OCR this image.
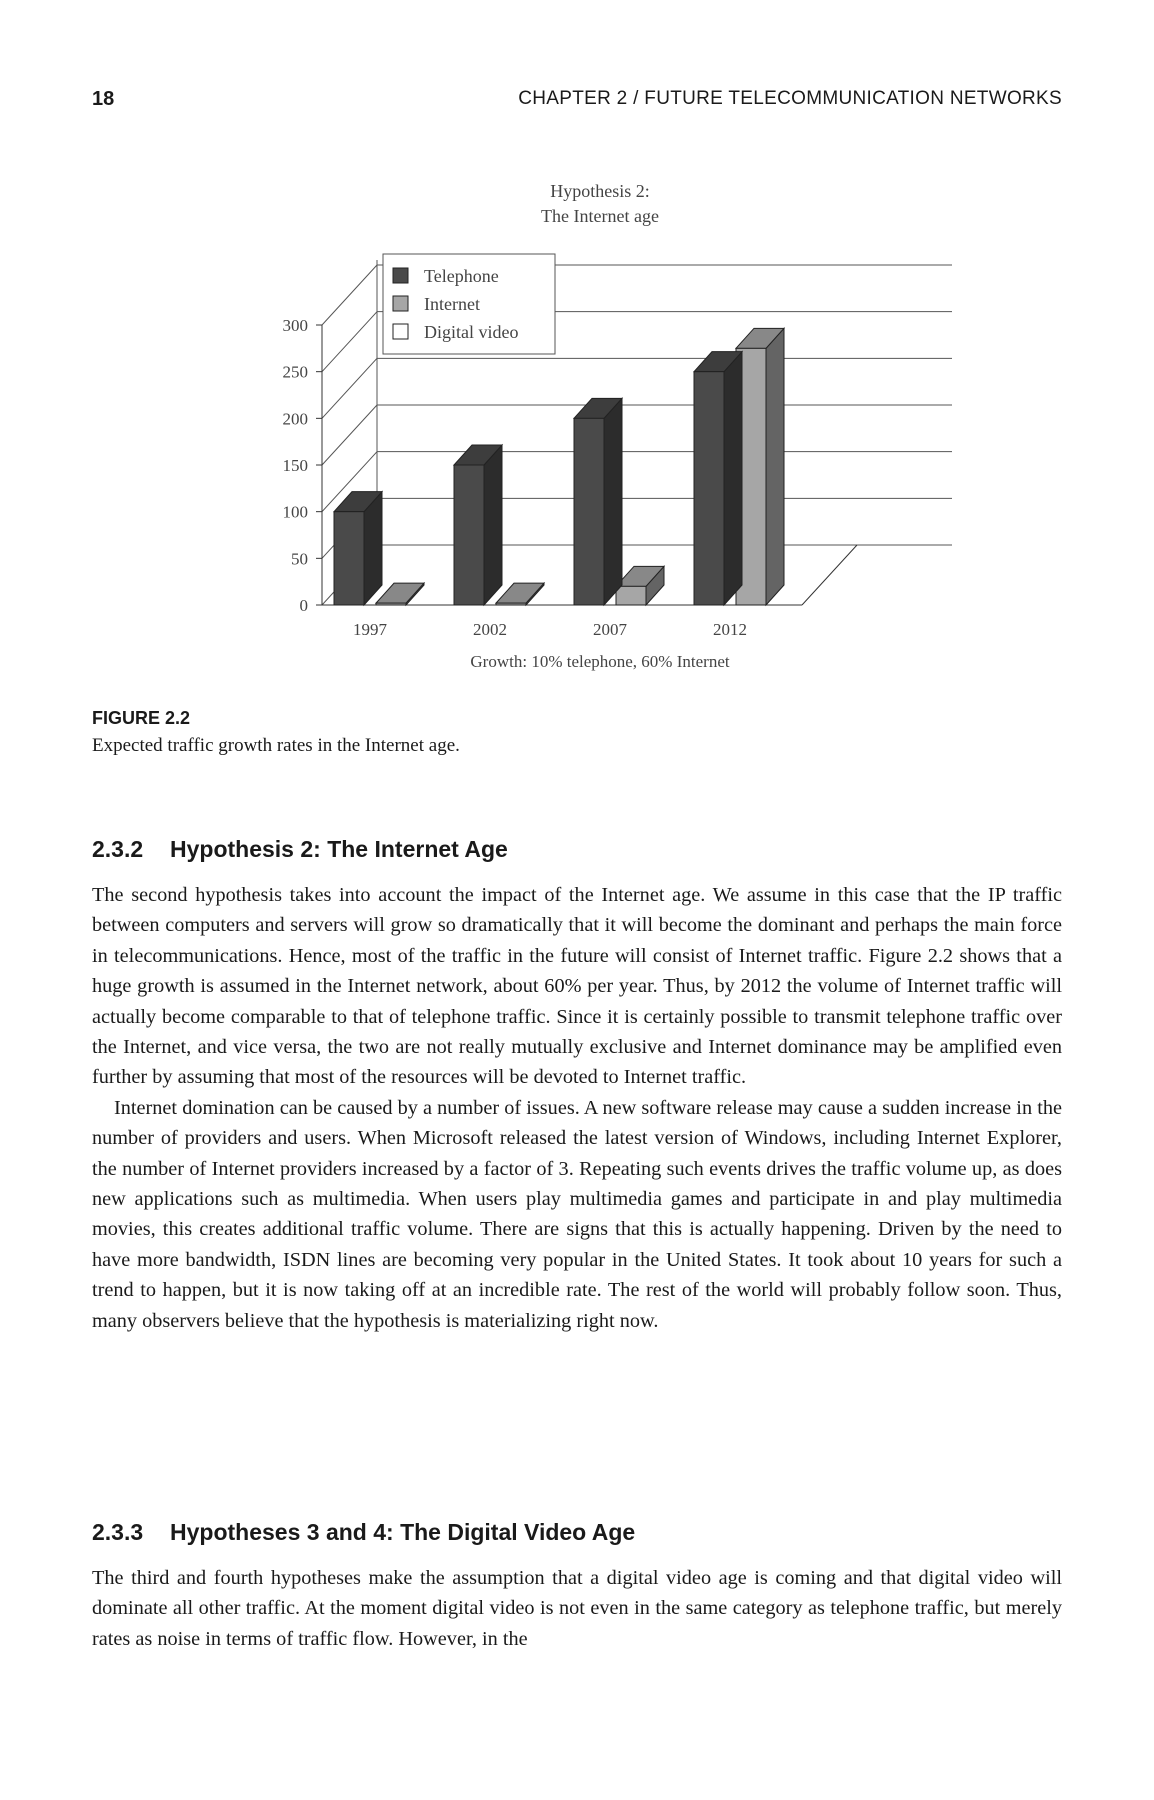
18	CHAPTER 2 / FUTURE TELECOMMUNICATION NETWORKS
Hypothesis 2:
The Internet age
0
50
100
150
200
250
300
1997	2002	2007	2012
Growth: 10% telephone, 60% Internet
Telephone
Internet
Digital video
FIGURE 2.2
Expected traffic growth rates in the Internet age.
2.3.2 Hypothesis 2: The Internet Age

The second hypothesis takes into account the impact of the Internet age. We assume in this case that the IP traffic between computers and servers will grow so dramatically that it will become the dominant and perhaps the main force in telecommunications. Hence, most of the traffic in the future will consist of Internet traffic. Figure 2.2 shows that a huge growth is assumed in the Internet network, about 60% per year. Thus, by 2012 the volume of Internet traffic will actually become comparable to that of telephone traffic. Since it is certainly possible to transmit telephone traffic over the Internet, and vice versa, the two are not really mutually exclusive and Internet dominance may be amplified even further by assuming that most of the resources will be devoted to Internet traffic.

Internet domination can be caused by a number of issues. A new software release may cause a sudden increase in the number of providers and users. When Microsoft released the latest version of Windows, including Internet Explorer, the number of Internet providers increased by a factor of 3. Repeating such events drives the traffic volume up, as does new applications such as multimedia. When users play multimedia games and participate in and play multimedia movies, this creates additional traffic volume. There are signs that this is actually happening. Driven by the need to have more bandwidth, ISDN lines are becoming very popular in the United States. It took about 10 years for such a trend to happen, but it is now taking off at an incredible rate. The rest of the world will probably follow soon. Thus, many observers believe that the hypothesis is materializing right now.

2.3.3 Hypotheses 3 and 4: The Digital Video Age

The third and fourth hypotheses make the assumption that a digital video age is coming and that digital video will dominate all other traffic. At the moment digital video is not even in the same category as telephone traffic, but merely rates as noise in terms of traffic flow. However, in the
